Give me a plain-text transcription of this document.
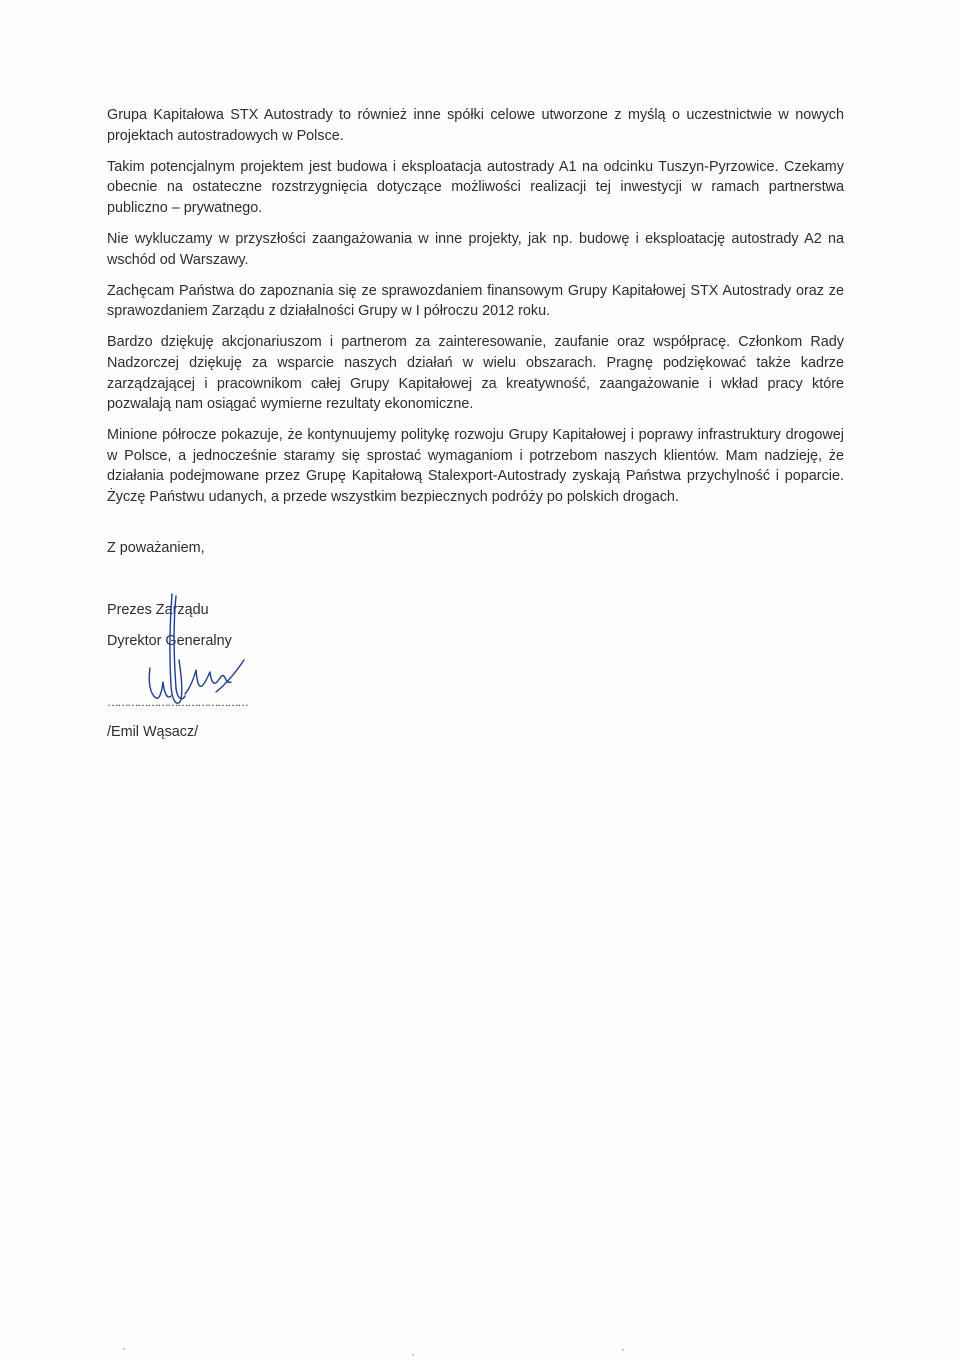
Grupa Kapitałowa STX Autostrady to również inne spółki celowe utworzone z myślą o uczestnictwie w nowych projektach autostradowych w Polsce.

Takim potencjalnym projektem jest budowa i eksploatacja autostrady A1 na odcinku Tuszyn-Pyrzowice. Czekamy obecnie na ostateczne rozstrzygnięcia dotyczące możliwości realizacji tej inwestycji w ramach partnerstwa publiczno – prywatnego.

Nie wykluczamy w przyszłości zaangażowania w inne projekty, jak np. budowę i eksploatację autostrady A2 na wschód od Warszawy.

Zachęcam Państwa do zapoznania się ze sprawozdaniem finansowym Grupy Kapitałowej STX Autostrady oraz ze sprawozdaniem Zarządu z działalności Grupy w I półroczu 2012 roku.

Bardzo dziękuję akcjonariuszom i partnerom za zainteresowanie, zaufanie oraz współpracę. Członkom Rady Nadzorczej dziękuję za wsparcie naszych działań w wielu obszarach. Pragnę podziękować także kadrze zarządzającej i pracownikom całej Grupy Kapitałowej za kreatywność, zaangażowanie i wkład pracy które pozwalają nam osiągać wymierne rezultaty ekonomiczne.

Minione półrocze pokazuje, że kontynuujemy politykę rozwoju Grupy Kapitałowej i poprawy infrastruktury drogowej w Polsce, a jednocześnie staramy się sprostać wymaganiom i potrzebom naszych klientów. Mam nadzieję, że działania podejmowane przez Grupę Kapitałową Stalexport-Autostrady zyskają Państwa przychylność i poparcie. Życzę Państwu udanych, a przede wszystkim bezpiecznych podróży po polskich drogach.

Z poważaniem,
Prezes Zarządu
Dyrektor Generalny
……………………………………
/Emil Wąsacz/
